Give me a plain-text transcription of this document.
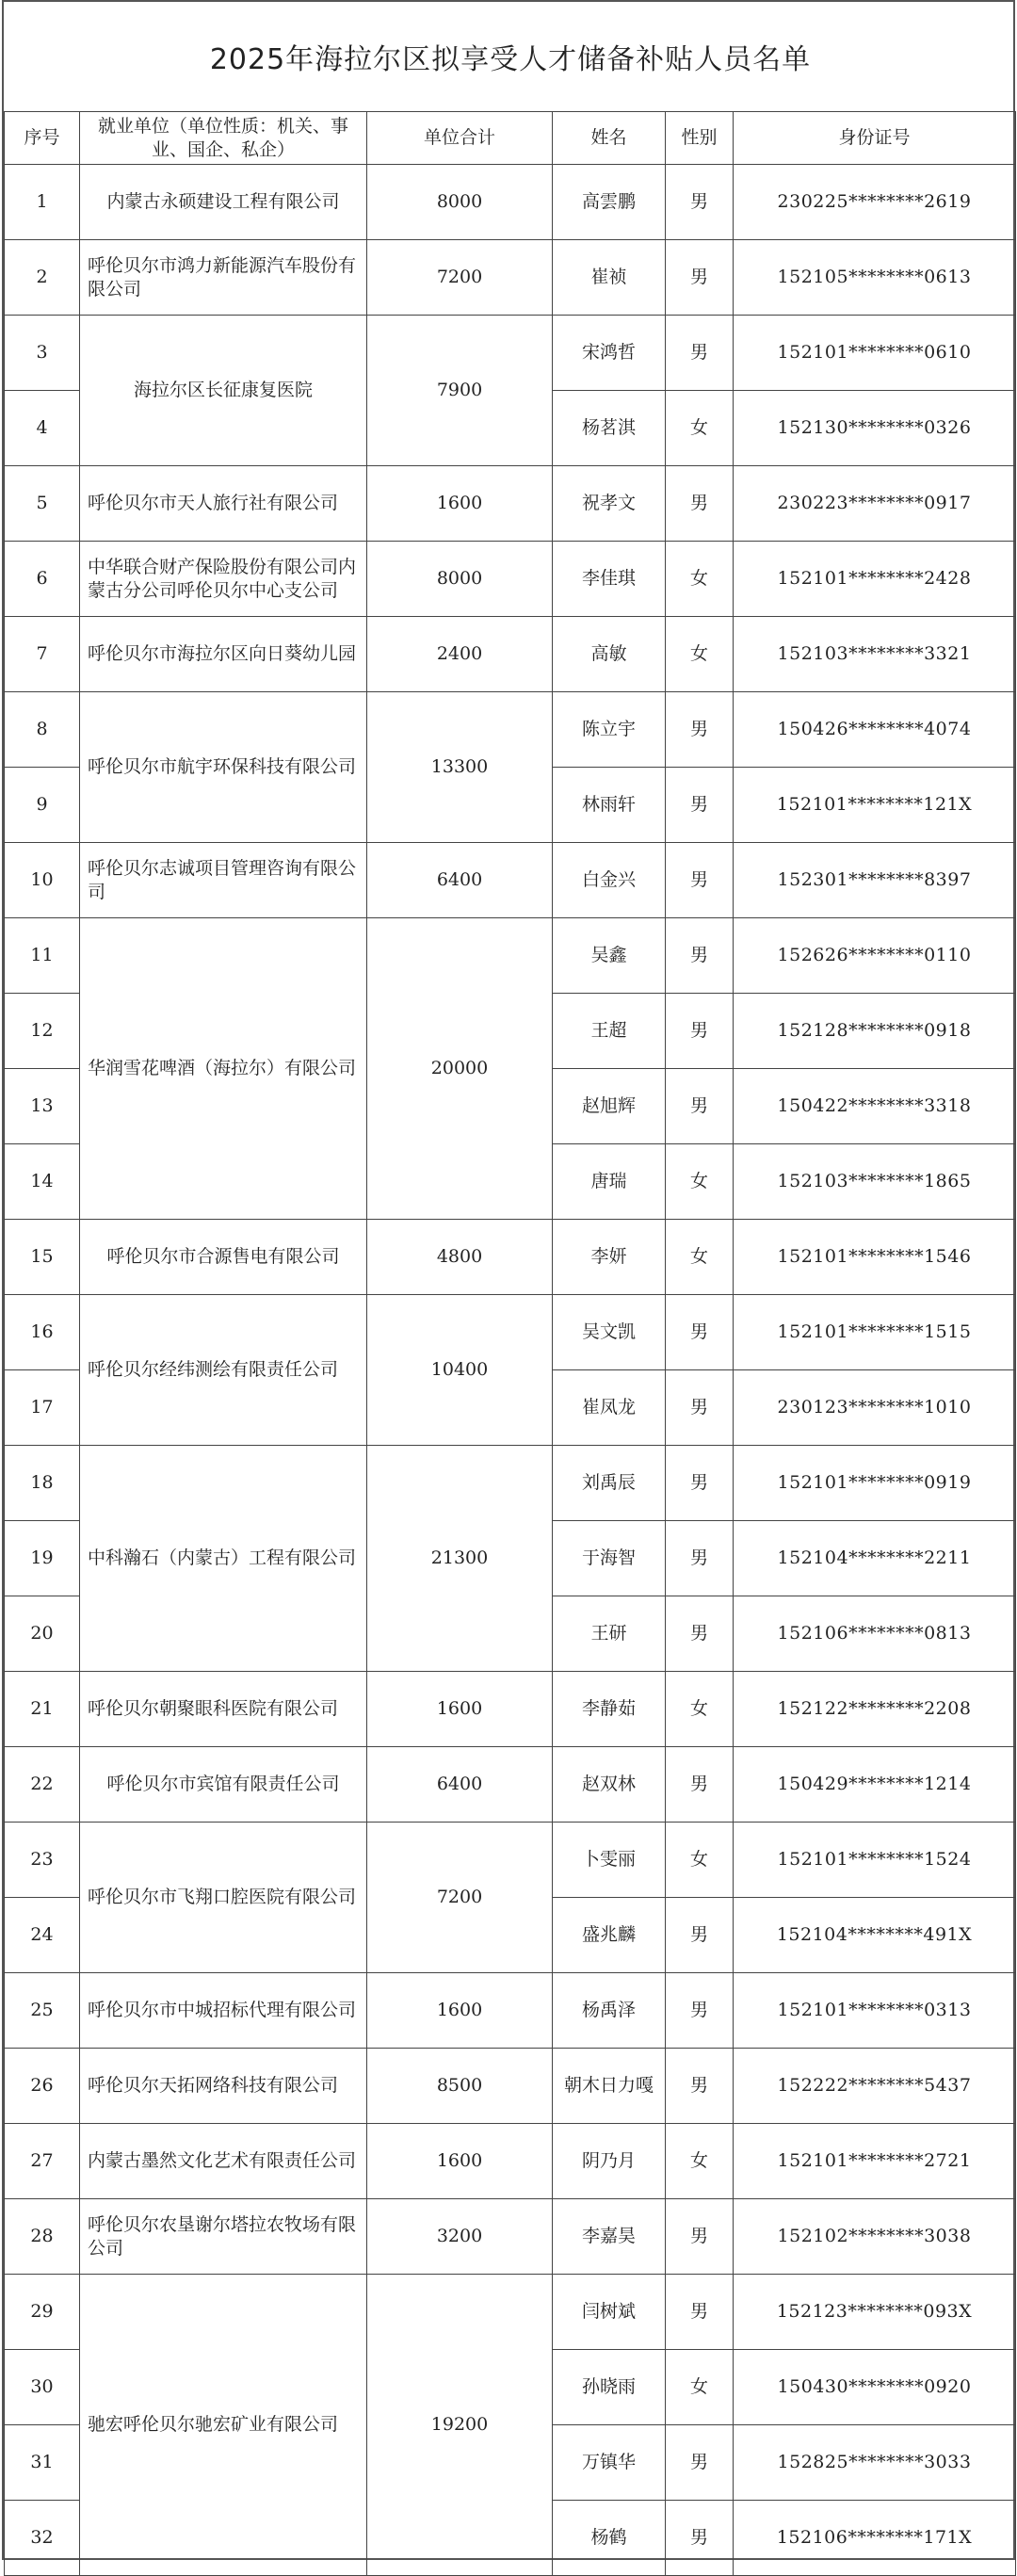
2025年海拉尔区拟享受人才储备补贴人员名单
序号	就业单位（单位性质：机关、事业、国企、私企）	单位合计	姓名	性别	身份证号
1	内蒙古永硕建设工程有限公司	8000	高雲鹏	男	230225********2619
2	呼伦贝尔市鸿力新能源汽车股份有限公司	7200	崔祯	男	152105********0613
3	海拉尔区长征康复医院	7900	宋鸿哲	男	152101********0610
4			杨茗淇	女	152130********0326
5	呼伦贝尔市天人旅行社有限公司	1600	祝孝文	男	230223********0917
6	中华联合财产保险股份有限公司内蒙古分公司呼伦贝尔中心支公司	8000	李佳琪	女	152101********2428
7	呼伦贝尔市海拉尔区向日葵幼儿园	2400	高敏	女	152103********3321
8	呼伦贝尔市航宇环保科技有限公司	13300	陈立宇	男	150426********4074
9			林雨轩	男	152101********121X
10	呼伦贝尔志诚项目管理咨询有限公司	6400	白金兴	男	152301********8397
11	华润雪花啤酒（海拉尔）有限公司	20000	吴鑫	男	152626********0110
12			王超	男	152128********0918
13			赵旭辉	男	150422********3318
14			唐瑞	女	152103********1865
15	呼伦贝尔市合源售电有限公司	4800	李妍	女	152101********1546
16	呼伦贝尔经纬测绘有限责任公司	10400	吴文凯	男	152101********1515
17			崔凤龙	男	230123********1010
18	中科瀚石（内蒙古）工程有限公司	21300	刘禹辰	男	152101********0919
19			于海智	男	152104********2211
20			王研	男	152106********0813
21	呼伦贝尔朝聚眼科医院有限公司	1600	李静茹	女	152122********2208
22	呼伦贝尔市宾馆有限责任公司	6400	赵双林	男	150429********1214
23	呼伦贝尔市飞翔口腔医院有限公司	7200	卜雯丽	女	152101********1524
24			盛兆麟	男	152104********491X
25	呼伦贝尔市中城招标代理有限公司	1600	杨禹泽	男	152101********0313
26	呼伦贝尔天拓网络科技有限公司	8500	朝木日力嘎	男	152222********5437
27	内蒙古墨然文化艺术有限责任公司	1600	阴乃月	女	152101********2721
28	呼伦贝尔农垦谢尔塔拉农牧场有限公司	3200	李嘉昊	男	152102********3038
29	驰宏呼伦贝尔驰宏矿业有限公司	19200	闫树斌	男	152123********093X
30			孙晓雨	女	150430********0920
31			万镇华	男	152825********3033
32			杨鹤	男	152106********171X
